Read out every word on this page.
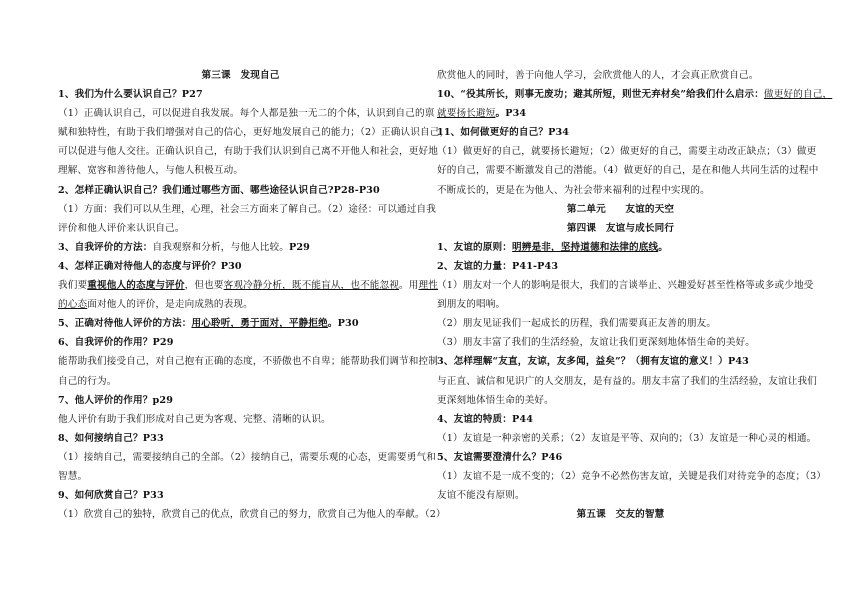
第三课　发现自己
1、我们为什么要认识自己？P27
（1）正确认识自己，可以促进自我发展。每个人都是独一无二的个体，认识到自己的禀
赋和独特性，有助于我们增强对自己的信心，更好地发展自己的能力；（2）正确认识自己，
可以促进与他人交往。正确认识自己，有助于我们认识到自己离不开他人和社会，更好地
理解、宽容和善待他人，与他人积极互动。
2、怎样正确认识自己？我们通过哪些方面、哪些途径认识自己?P28-P30
（1）方面：我们可以从生理，心理，社会三方面来了解自己。（2）途径：可以通过自我
评价和他人评价来认识自己。
3、自我评价的方法：自我观察和分析，与他人比较。P29
4、怎样正确对待他人的态度与评价？P30
我们要重视他人的态度与评价，但也要客观冷静分析，既不能盲从，也不能忽视。用理性
的心态面对他人的评价，是走向成熟的表现。
5、正确对待他人评价的方法：用心聆听，勇于面对，平静拒绝。P30
6、自我评价的作用？P29
能帮助我们接受自己，对自己抱有正确的态度，不骄傲也不自卑；能帮助我们调节和控制
自己的行为。
7、他人评价的作用？p29
他人评价有助于我们形成对自己更为客观、完整、清晰的认识。
8、如何接纳自己？P33
（1）接纳自己，需要接纳自己的全部。（2）接纳自己，需要乐观的心态，更需要勇气和
智慧。
9、如何欣赏自己？P33
（1）欣赏自己的独特，欣赏自己的优点，欣赏自己的努力，欣赏自己为他人的奉献。（2）
欣赏他人的同时，善于向他人学习，会欣赏他人的人，才会真正欣赏自己。
10、“役其所长，则事无废功；避其所短，则世无弃材矣”给我们什么启示：做更好的自己，
就要扬长避短。P34
11、如何做更好的自己？P34
（1）做更好的自己，就要扬长避短；（2）做更好的自己，需要主动改正缺点；（3）做更
好的自己，需要不断激发自己的潜能。（4）做更好的自己，是在和他人共同生活的过程中
不断成长的，更是在为他人、为社会带来福利的过程中实现的。
第二单元　　友谊的天空
第四课　友谊与成长同行
1、友谊的原则：明辨是非，坚持道德和法律的底线。
2、友谊的力量：P41-P43
（1）朋友对一个人的影响是很大，我们的言谈举止、兴趣爱好甚至性格等或多或少地受
到朋友的唱响。
（2）朋友见证我们一起成长的历程，我们需要真正友善的朋友。
（3）朋友丰富了我们的生活经验，友谊让我们更深刻地体悟生命的美好。
3、怎样理解“友直，友谅，友多闻，益矣”？（拥有友谊的意义！）P43
与正直、诚信和见识广的人交朋友，是有益的。朋友丰富了我们的生活经验，友谊让我们
更深刻地体悟生命的美好。
4、友谊的特质：P44
（1）友谊是一种亲密的关系；（2）友谊是平等、双向的；（3）友谊是一种心灵的相通。
5、友谊需要澄清什么？P46
（1）友谊不是一成不变的；（2）竞争不必然伤害友谊，关键是我们对待竞争的态度；（3）
友谊不能没有原则。
第五课　交友的智慧
